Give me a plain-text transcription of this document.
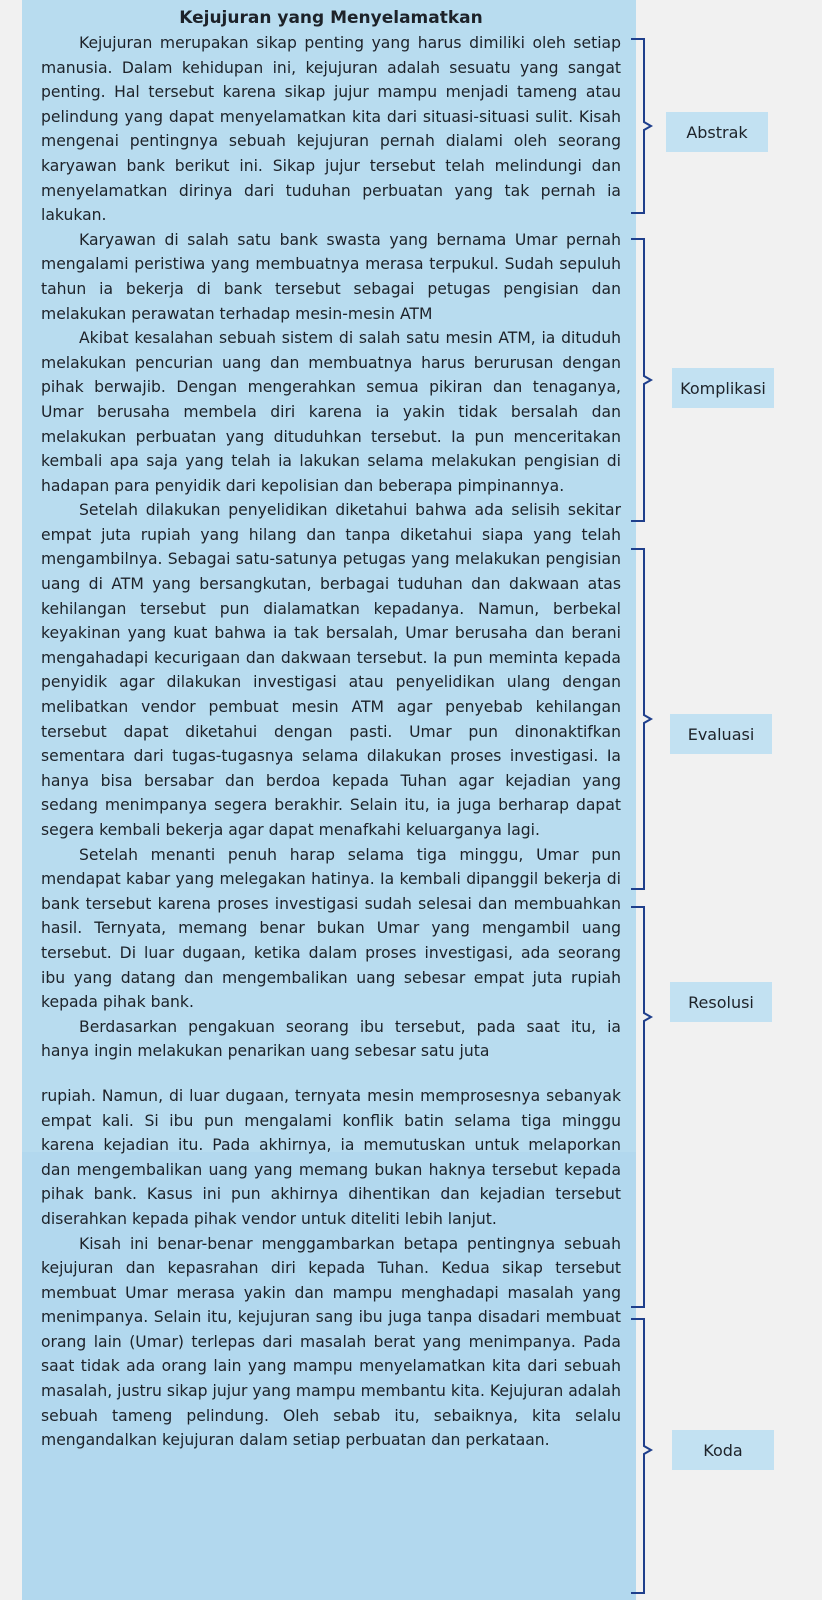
Kejujuran yang Menyelamatkan

Kejujuran merupakan sikap penting yang harus dimiliki oleh setiap manusia. Dalam kehidupan ini, kejujuran adalah sesuatu yang sangat penting. Hal tersebut karena sikap jujur mampu menjadi tameng atau pelindung yang dapat menyelamatkan kita dari situasi-situasi sulit. Kisah mengenai pentingnya sebuah kejujuran pernah dialami oleh seorang karyawan bank berikut ini. Sikap jujur tersebut telah melindungi dan menyelamatkan dirinya dari tuduhan perbuatan yang tak pernah ia lakukan.

Karyawan di salah satu bank swasta yang bernama Umar pernah mengalami peristiwa yang membuatnya merasa terpukul. Sudah sepuluh tahun ia bekerja di bank tersebut sebagai petugas pengisian dan melakukan perawatan terhadap mesin-mesin ATM

Akibat kesalahan sebuah sistem di salah satu mesin ATM, ia dituduh melakukan pencurian uang dan membuatnya harus berurusan dengan pihak berwajib. Dengan mengerahkan semua pikiran dan tenaganya, Umar berusaha membela diri karena ia yakin tidak bersalah dan melakukan perbuatan yang dituduhkan tersebut. Ia pun menceritakan kembali apa saja yang telah ia lakukan selama melakukan pengisian di hadapan para penyidik dari kepolisian dan beberapa pimpinannya.

Setelah dilakukan penyelidikan diketahui bahwa ada selisih sekitar empat juta rupiah yang hilang dan tanpa diketahui siapa yang telah mengambilnya. Sebagai satu-satunya petugas yang melakukan pengisian uang di ATM yang bersangkutan, berbagai tuduhan dan dakwaan atas kehilangan tersebut pun dialamatkan kepadanya. Namun, berbekal keyakinan yang kuat bahwa ia tak bersalah, Umar berusaha dan berani mengahadapi kecurigaan dan dakwaan tersebut. Ia pun meminta kepada penyidik agar dilakukan investigasi atau penyelidikan ulang dengan melibatkan vendor pembuat mesin ATM agar penyebab kehilangan tersebut dapat diketahui dengan pasti. Umar pun dinonaktifkan sementara dari tugas-tugasnya selama dilakukan proses investigasi. Ia hanya bisa bersabar dan berdoa kepada Tuhan agar kejadian yang sedang menimpanya segera berakhir. Selain itu, ia juga berharap dapat segera kembali bekerja agar dapat menafkahi keluarganya lagi.

Setelah menanti penuh harap selama tiga minggu, Umar pun mendapat kabar yang melegakan hatinya. Ia kembali dipanggil bekerja di bank tersebut karena proses investigasi sudah selesai dan membuahkan hasil. Ternyata, memang benar bukan Umar yang mengambil uang tersebut. Di luar dugaan, ketika dalam proses investigasi, ada seorang ibu yang datang dan mengembalikan uang sebesar empat juta rupiah kepada pihak bank.

Berdasarkan pengakuan seorang ibu tersebut, pada saat itu, ia hanya ingin melakukan penarikan uang sebesar satu juta

rupiah. Namun, di luar dugaan, ternyata mesin memprosesnya sebanyak empat kali. Si ibu pun mengalami konflik batin selama tiga minggu karena kejadian itu. Pada akhirnya, ia memutuskan untuk melaporkan dan mengembalikan uang yang memang bukan haknya tersebut kepada pihak bank. Kasus ini pun akhirnya dihentikan dan kejadian tersebut diserahkan kepada pihak vendor untuk diteliti lebih lanjut.

Kisah ini benar-benar menggambarkan betapa pentingnya sebuah kejujuran dan kepasrahan diri kepada Tuhan. Kedua sikap tersebut membuat Umar merasa yakin dan mampu menghadapi masalah yang menimpanya. Selain itu, kejujuran sang ibu juga tanpa disadari membuat orang lain (Umar) terlepas dari masalah berat yang menimpanya. Pada saat tidak ada orang lain yang mampu menyelamatkan kita dari sebuah masalah, justru sikap jujur yang mampu membantu kita. Kejujuran adalah sebuah tameng pelindung. Oleh sebab itu, sebaiknya, kita selalu mengandalkan kejujuran dalam setiap perbuatan dan perkataan.

Abstrak
Komplikasi
Evaluasi
Resolusi
Koda
